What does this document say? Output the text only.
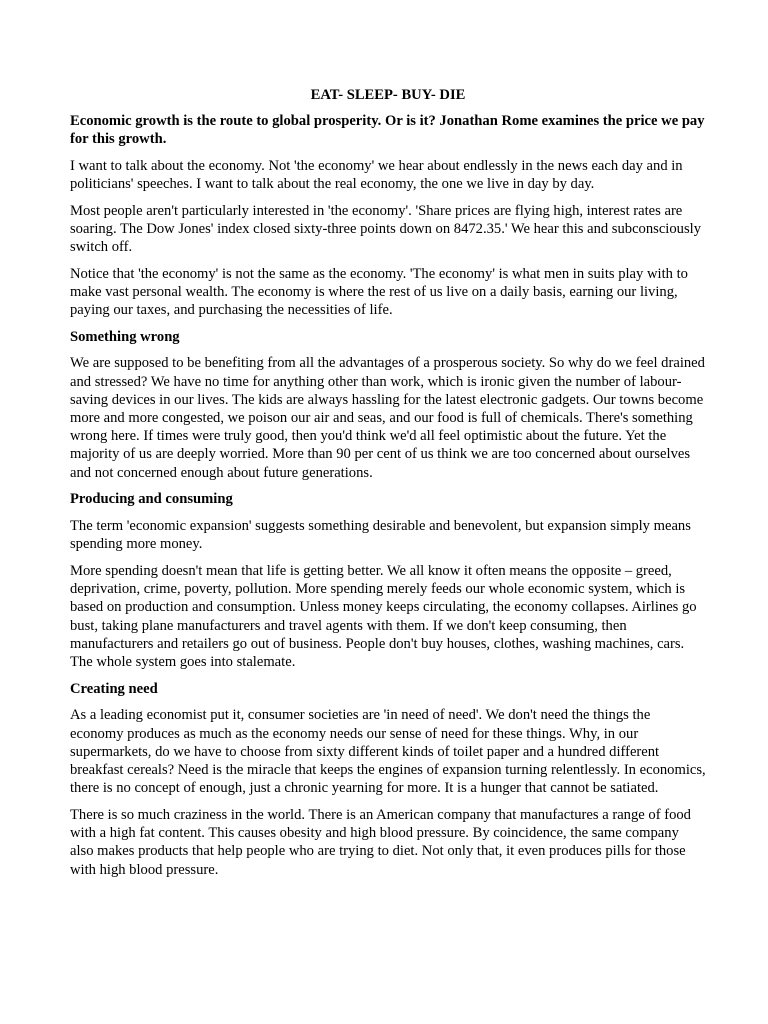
EAT- SLEEP- BUY- DIE
Economic growth is the route to global prosperity. Or is it? Jonathan Rome examines the price we pay for this growth.

I want to talk about the economy. Not 'the economy' we hear about endlessly in the news each day and in politicians' speeches. I want to talk about the real economy, the one we live in day by day.

Most people aren't particularly interested in 'the economy'. 'Share prices are flying high, interest rates are soaring. The Dow Jones' index closed sixty-three points down on 8472.35.' We hear this and subconsciously switch off.

Notice that 'the economy' is not the same as the economy. 'The economy' is what men in suits play with to make vast personal wealth. The economy is where the rest of us live on a daily basis, earning our living, paying our taxes, and purchasing the necessities of life.

Something wrong

We are supposed to be benefiting from all the advantages of a prosperous society. So why do we feel drained and stressed? We have no time for anything other than work, which is ironic given the number of labour-saving devices in our lives. The kids are always hassling for the latest electronic gadgets. Our towns become more and more congested, we poison our air and seas, and our food is full of chemicals. There's something wrong here. If times were truly good, then you'd think we'd all feel optimistic about the future. Yet the majority of us are deeply worried. More than 90 per cent of us think we are too concerned about ourselves and not concerned enough about future generations.

Producing and consuming

The term 'economic expansion' suggests something desirable and benevolent, but expansion simply means spending more money.

More spending doesn't mean that life is getting better. We all know it often means the opposite – greed, deprivation, crime, poverty, pollution. More spending merely feeds our whole economic system, which is based on production and consumption. Unless money keeps circulating, the economy collapses. Airlines go bust, taking plane manufacturers and travel agents with them. If we don't keep consuming, then manufacturers and retailers go out of business. People don't buy houses, clothes, washing machines, cars. The whole system goes into stalemate.

Creating need

As a leading economist put it, consumer societies are 'in need of need'. We don't need the things the economy produces as much as the economy needs our sense of need for these things. Why, in our supermarkets, do we have to choose from sixty different kinds of toilet paper and a hundred different breakfast cereals? Need is the miracle that keeps the engines of expansion turning relentlessly. In economics, there is no concept of enough, just a chronic yearning for more. It is a hunger that cannot be satiated.

There is so much craziness in the world. There is an American company that manufactures a range of food with a high fat content. This causes obesity and high blood pressure. By coincidence, the same company also makes products that help people who are trying to diet. Not only that, it even produces pills for those with high blood pressure.
